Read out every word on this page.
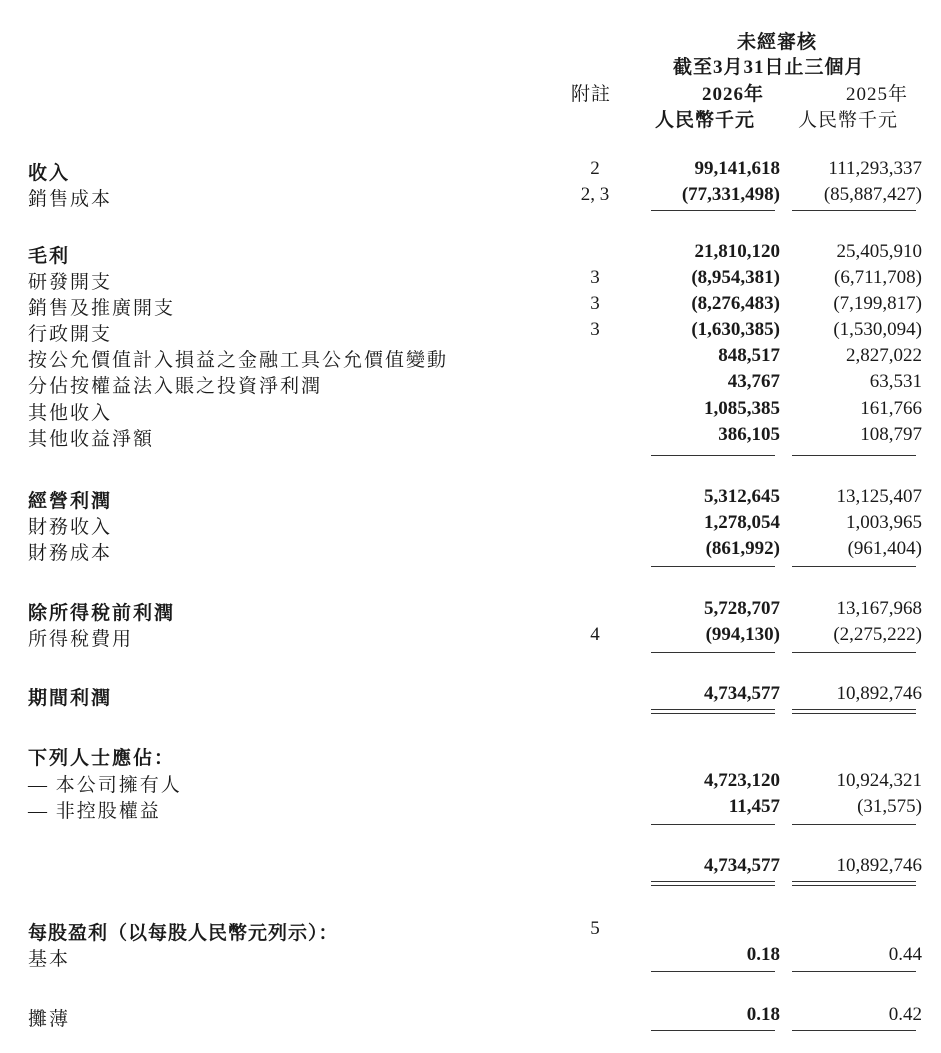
未經審核
截至3月31日止三個月
附註	2026年	2025年
人民幣千元 人民幣千元
收入	2	99,141,618	111,293,337
銷售成本	2, 3	(77,331,498) (85,887,427)
毛利	21,810,120	25,405,910
研發開支	3	(8,954,381)	(6,711,708)
銷售及推廣開支	3	(8,276,483)	(7,199,817)
行政開支	3	(1,630,385)	(1,530,094)
按公允價值計入損益之金融工具公允價值變動	848,517	2,827,022
分佔按權益法入賬之投資淨利潤	43,767	63,531
其他收入	1,085,385	161,766
其他收益淨額	386,105	108,797
經營利潤	5,312,645	13,125,407
財務收入	1,278,054	1,003,965
財務成本	(861,992)	(961,404)
除所得稅前利潤	5,728,707	13,167,968
所得稅費用	4	(994,130)	(2,275,222)
期間利潤	4,734,577	10,892,746
下列人士應佔：
— 本公司擁有人	4,723,120	10,924,321
— 非控股權益	11,457	(31,575)
4,734,577	10,892,746
每股盈利（以每股人民幣元列示）：	5
基本	0.18	0.44
攤薄	0.18	0.42
